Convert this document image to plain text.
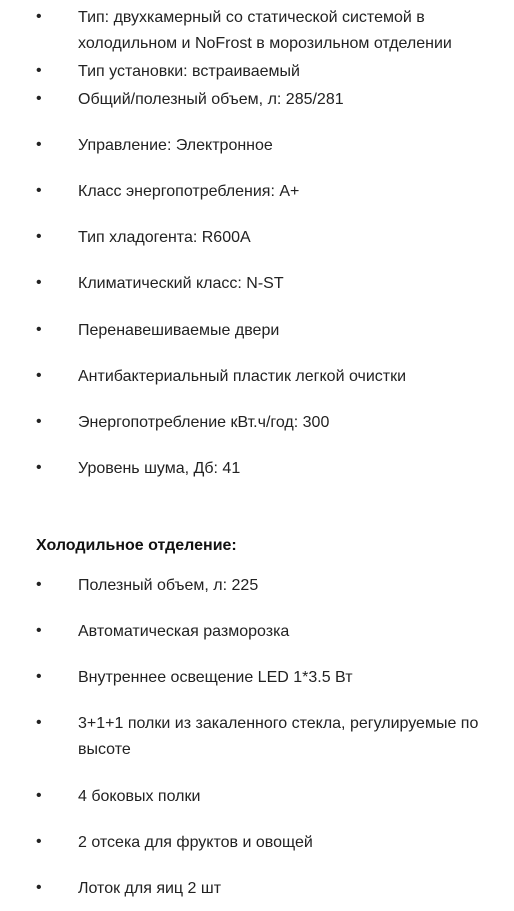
• Тип: двухкамерный со статической системой в холодильном и NoFrost в морозильном отделении
• Тип установки: встраиваемый
• Общий/полезный объем, л: 285/281
• Управление: Электронное
• Класс энергопотребления: A+
• Тип хладогента: R600A
• Климатический класс: N-ST
• Перенавешиваемые двери
• Антибактериальный пластик легкой очистки
• Энергопотребление кВт.ч/год: 300
• Уровень шума, Дб: 41
Холодильное отделение:
• Полезный объем, л: 225
• Автоматическая разморозка
• Внутреннее освещение LED 1*3.5 Вт
• 3+1+1 полки из закаленного стекла, регулируемые по высоте
• 4 боковых полки
• 2 отсека для фруктов и овощей
• Лоток для яиц 2 шт
